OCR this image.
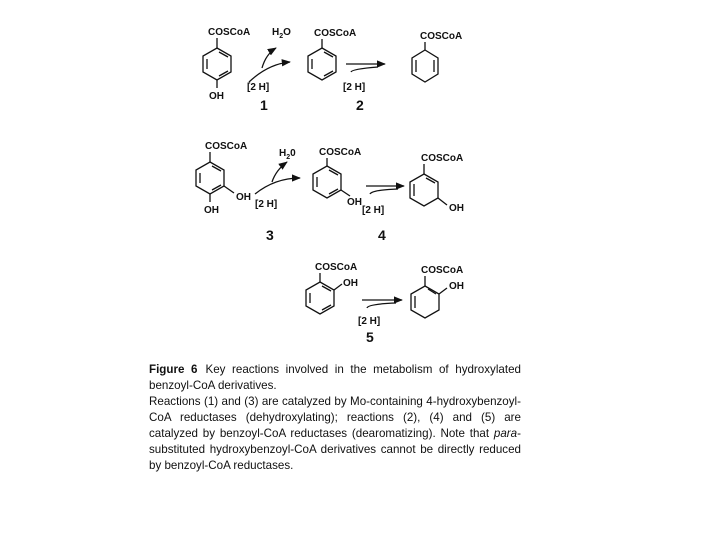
COSCoA
OH
$H_2O$
[2 H]
1
COSCoA
[2 H]
2
COSCoA
COSCoA
OH
OH
$H_20$
[2 H]
3
COSCoA
OH
[2 H]
4
COSCoA
OH
COSCoA
OH
[2 H]
5
COSCoA
OH

Figure 6 Key reactions involved in the metabolism of hydroxylated benzoyl-CoA derivatives.

Reactions (1) and (3) are catalyzed by Mo-containing 4-hydroxybenzoyl-CoA reductases (dehydroxylating); reactions (2), (4) and (5) are catalyzed by benzoyl-CoA reductases (dearomatizing). Note that para-substituted hydroxybenzoyl-CoA derivatives cannot be directly reduced by benzoyl-CoA reductases.
